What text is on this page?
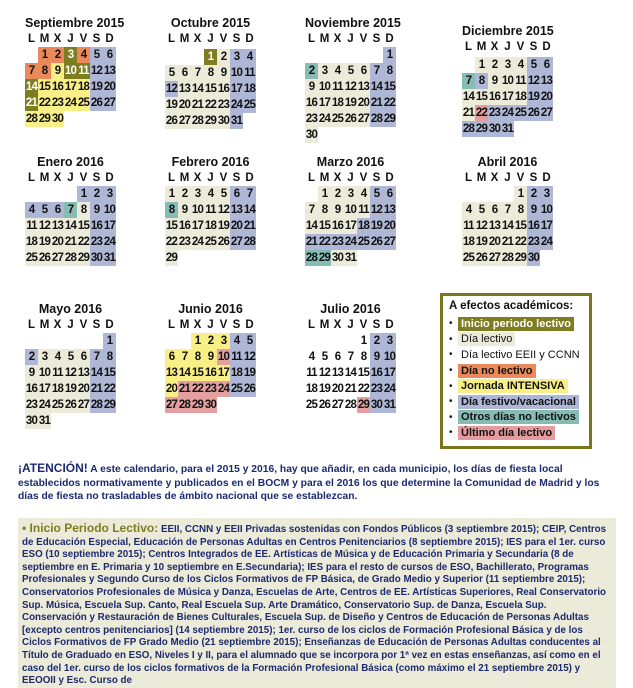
Septiembre 2015
L M X J V S D
1 2 3 4 5 6
7 8 9 10 11 12 13
14 15 16 17 18 19 20
21 22 23 24 25 26 27
28 29 30
Octubre 2015
L M X J V S D
1 2 3 4
5 6 7 8 9 10 11
12 13 14 15 16 17 18
19 20 21 22 23 24 25
26 27 28 29 30 31
Noviembre 2015
L M X J V S D
1
2 3 4 5 6 7 8
9 10 11 12 13 14 15
16 17 18 19 20 21 22
23 24 25 26 27 28 29
30
Diciembre 2015
L M X J V S D
1 2 3 4 5 6
7 8 9 10 11 12 13
14 15 16 17 18 19 20
21 22 23 24 25 26 27
28 29 30 31
Enero 2016
L M X J V S D
1 2 3
4 5 6 7 8 9 10
11 12 13 14 15 16 17
18 19 20 21 22 23 24
25 26 27 28 29 30 31
Febrero 2016
L M X J V S D
1 2 3 4 5 6 7
8 9 10 11 12 13 14
15 16 17 18 19 20 21
22 23 24 25 26 27 28
29
Marzo 2016
L M X J V S D
1 2 3 4 5 6
7 8 9 10 11 12 13
14 15 16 17 18 19 20
21 22 23 24 25 26 27
28 29 30 31
Abril 2016
L M X J V S D
1 2 3
4 5 6 7 8 9 10
11 12 13 14 15 16 17
18 19 20 21 22 23 24
25 26 27 28 29 30
Mayo 2016
L M X J V S D
1
2 3 4 5 6 7 8
9 10 11 12 13 14 15
16 17 18 19 20 21 22
23 24 25 26 27 28 29
30 31
Junio 2016
L M X J V S D
1 2 3 4 5
6 7 8 9 10 11 12
13 14 15 16 17 18 19
20 21 22 23 24 25 26
27 28 29 30
Julio 2016
L M X J V S D
1 2 3
4 5 6 7 8 9 10
11 12 13 14 15 16 17
18 19 20 21 22 23 24
25 26 27 28 29 30 31
A efectos académicos:
• Inicio periodo lectivo
• Día lectivo
• Día lectivo EEII y CCNN
• Día no lectivo
• Jornada INTENSIVA
• Día festivo/vacacional
• Otros días no lectivos
• Último día lectivo
¡ATENCIÓN! A este calendario, para el 2015 y 2016, hay que añadir, en cada municipio, los días de fiesta local establecidos normativamente y publicados en el BOCM y para el 2016 los que determine la Comunidad de Madrid y los días de fiesta no trasladables de ámbito nacional que se establezcan.
• Inicio Periodo Lectivo: EEII, CCNN y EEII Privadas sostenidas con Fondos Públicos (3 septiembre 2015); CEIP, Centros de Educación Especial, Educación de Personas Adultas en Centros Penitenciarios (8 septiembre 2015); IES para el 1er. curso ESO (10 septiembre 2015); Centros Integrados de EE. Artísticas de Música y de Educación Primaria y Secundaria (8 de septiembre en E. Primaria y 10 septiembre en E.Secundaria); IES para el resto de cursos de ESO, Bachillerato, Programas Profesionales y Segundo Curso de los Ciclos Formativos de FP Básica, de Grado Medio y Superior (11 septiembre 2015); Conservatorios Profesionales de Música y Danza, Escuelas de Arte, Centros de EE. Artísticas Superiores, Real Conservatorio Sup. Música, Escuela Sup. Canto, Real Escuela Sup. Arte Dramático, Conservatorio Sup. de Danza, Escuela Sup. Conservación y Restauración de Bienes Culturales, Escuela Sup. de Diseño y Centros de Educación de Personas Adultas [excepto centros penitenciarios] (14 septiembre 2015); 1er. curso de los ciclos de Formación Profesional Básica y de los Ciclos Formativos de FP Grado Medio (21 septiembre 2015); Enseñanzas de Educación de Personas Adultas conducentes al Título de Graduado en ESO, Niveles I y II, para el alumnado que se incorpora por 1ª vez en estas enseñanzas, así como en el caso del 1er. curso de los ciclos formativos de la Formación Profesional Básica (como máximo el 21 septiembre 2015) y EEOOII y Esc. Curso de
